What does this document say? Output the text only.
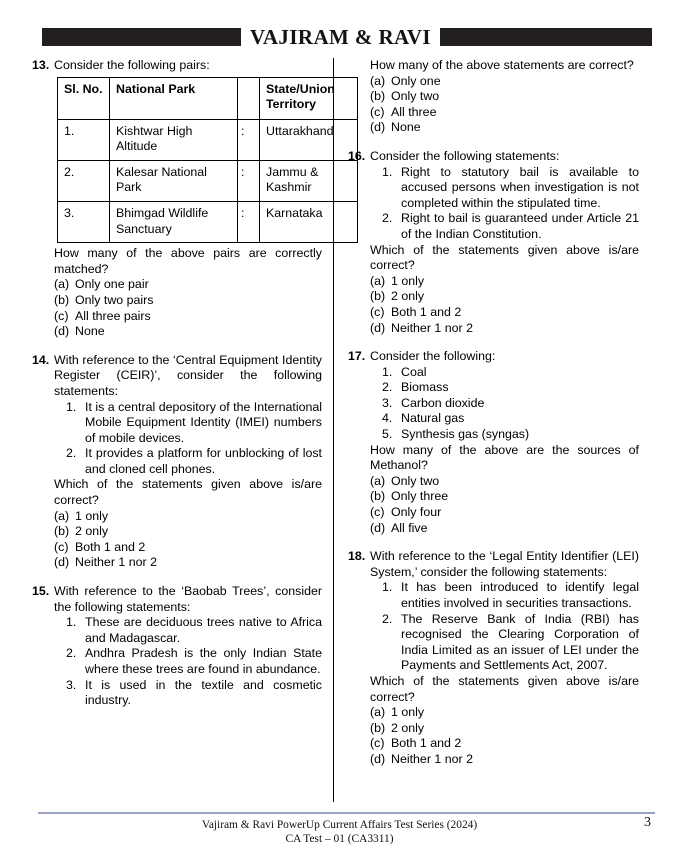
VAJIRAM & RAVI
13. Consider the following pairs:
Sl. No.	National Park		State/Union Territory
1.	Kishtwar High Altitude	:	Uttarakhand
2.	Kalesar National Park	:	Jammu & Kashmir
3.	Bhimgad Wildlife Sanctuary	:	Karnataka
How many of the above pairs are correctly matched?
(a) Only one pair
(b) Only two pairs
(c) All three pairs
(d) None
14. With reference to the ‘Central Equipment Identity Register (CEIR)’, consider the following statements:
1. It is a central depository of the International Mobile Equipment Identity (IMEI) numbers of mobile devices.
2. It provides a platform for unblocking of lost and cloned cell phones.
Which of the statements given above is/are correct?
(a) 1 only
(b) 2 only
(c) Both 1 and 2
(d) Neither 1 nor 2
15. With reference to the ‘Baobab Trees’, consider the following statements:
1. These are deciduous trees native to Africa and Madagascar.
2. Andhra Pradesh is the only Indian State where these trees are found in abundance.
3. It is used in the textile and cosmetic industry.
How many of the above statements are correct?
(a) Only one
(b) Only two
(c) All three
(d) None
16. Consider the following statements:
1. Right to statutory bail is available to accused persons when investigation is not completed within the stipulated time.
2. Right to bail is guaranteed under Article 21 of the Indian Constitution.
Which of the statements given above is/are correct?
(a) 1 only
(b) 2 only
(c) Both 1 and 2
(d) Neither 1 nor 2
17. Consider the following:
1. Coal
2. Biomass
3. Carbon dioxide
4. Natural gas
5. Synthesis gas (syngas)
How many of the above are the sources of Methanol?
(a) Only two
(b) Only three
(c) Only four
(d) All five
18. With reference to the ‘Legal Entity Identifier (LEI) System,’ consider the following statements:
1. It has been introduced to identify legal entities involved in securities transactions.
2. The Reserve Bank of India (RBI) has recognised the Clearing Corporation of India Limited as an issuer of LEI under the Payments and Settlements Act, 2007.
Which of the statements given above is/are correct?
(a) 1 only
(b) 2 only
(c) Both 1 and 2
(d) Neither 1 nor 2
3
Vajiram & Ravi PowerUp Current Affairs Test Series (2024)
CA Test – 01 (CA3311)
